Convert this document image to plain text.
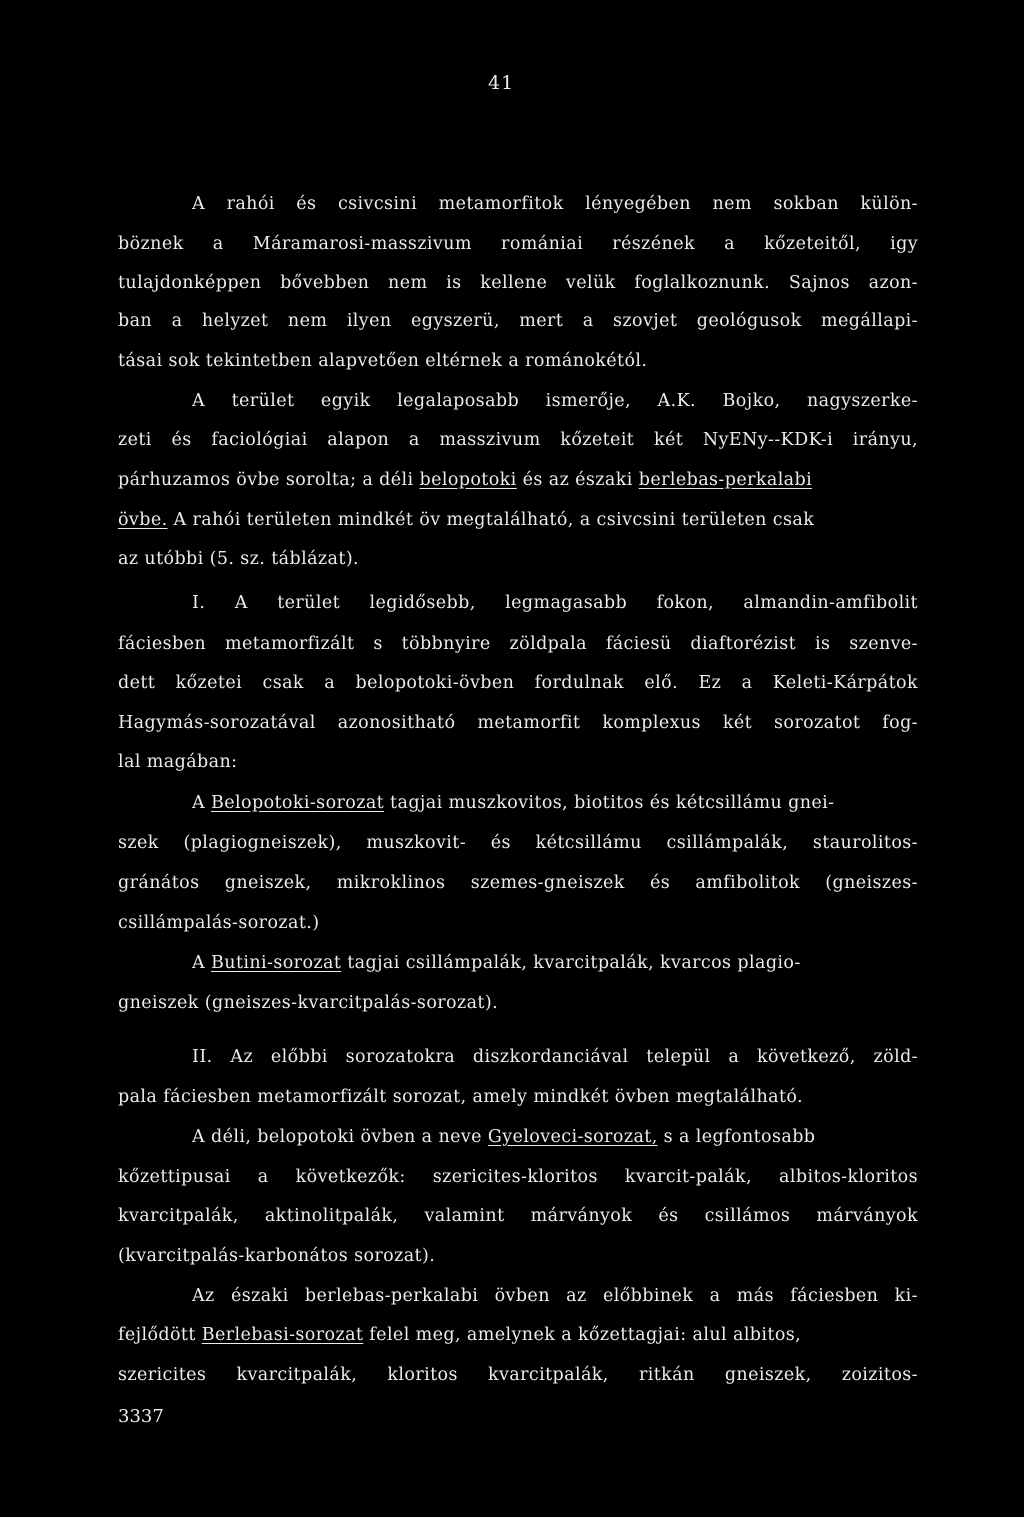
41
A rahói és csivcsini metamorfitok lényegében nem sokban külön-
böznek a Máramarosi-masszivum romániai részének a kőzeteitől, igy
tulajdonképpen bővebben nem is kellene velük foglalkoznunk. Sajnos azon-
ban a helyzet nem ilyen egyszerü, mert a szovjet geológusok megállapi-
tásai sok tekintetben alapvetően eltérnek a románokétól.
A terület egyik legalaposabb ismerője, A.K. Bojko, nagyszerke-
zeti és faciológiai alapon a masszivum kőzeteit két NyENy--KDK-i irányu,
párhuzamos övbe sorolta; a déli belopotoki és az északi berlebas-perkalabi
övbe. A rahói területen mindkét öv megtalálható, a csivcsini területen csak
az utóbbi (5. sz. táblázat).
I. A terület legidősebb, legmagasabb fokon, almandin-amfibolit
fáciesben metamorfizált s többnyire zöldpala fáciesü diaftorézist is szenve-
dett kőzetei csak a belopotoki-övben fordulnak elő. Ez a Keleti-Kárpátok
Hagymás-sorozatával azonositható metamorfit komplexus két sorozatot fog-
lal magában:
A Belopotoki-sorozat tagjai muszkovitos, biotitos és kétcsillámu gnei-
szek (plagiogneiszek), muszkovit- és kétcsillámu csillámpalák, staurolitos-
gránátos gneiszek, mikroklinos szemes-gneiszek és amfibolitok (gneiszes-
csillámpalás-sorozat.)
A Butini-sorozat tagjai csillámpalák, kvarcitpalák, kvarcos plagio-
gneiszek (gneiszes-kvarcitpalás-sorozat).
II. Az előbbi sorozatokra diszkordanciával települ a következő, zöld-
pala fáciesben metamorfizált sorozat, amely mindkét övben megtalálható.
A déli, belopotoki övben a neve Gyeloveci-sorozat, s a legfontosabb
kőzettipusai a következők: szericites-kloritos kvarcit-palák, albitos-kloritos
kvarcitpalák, aktinolitpalák, valamint márványok és csillámos márványok
(kvarcitpalás-karbonátos sorozat).
Az északi berlebas-perkalabi övben az előbbinek a más fáciesben ki-
fejlődött Berlebasi-sorozat felel meg, amelynek a kőzettagjai: alul albitos,
szericites kvarcitpalák, kloritos kvarcitpalák, ritkán gneiszek, zoizitos-
3337
